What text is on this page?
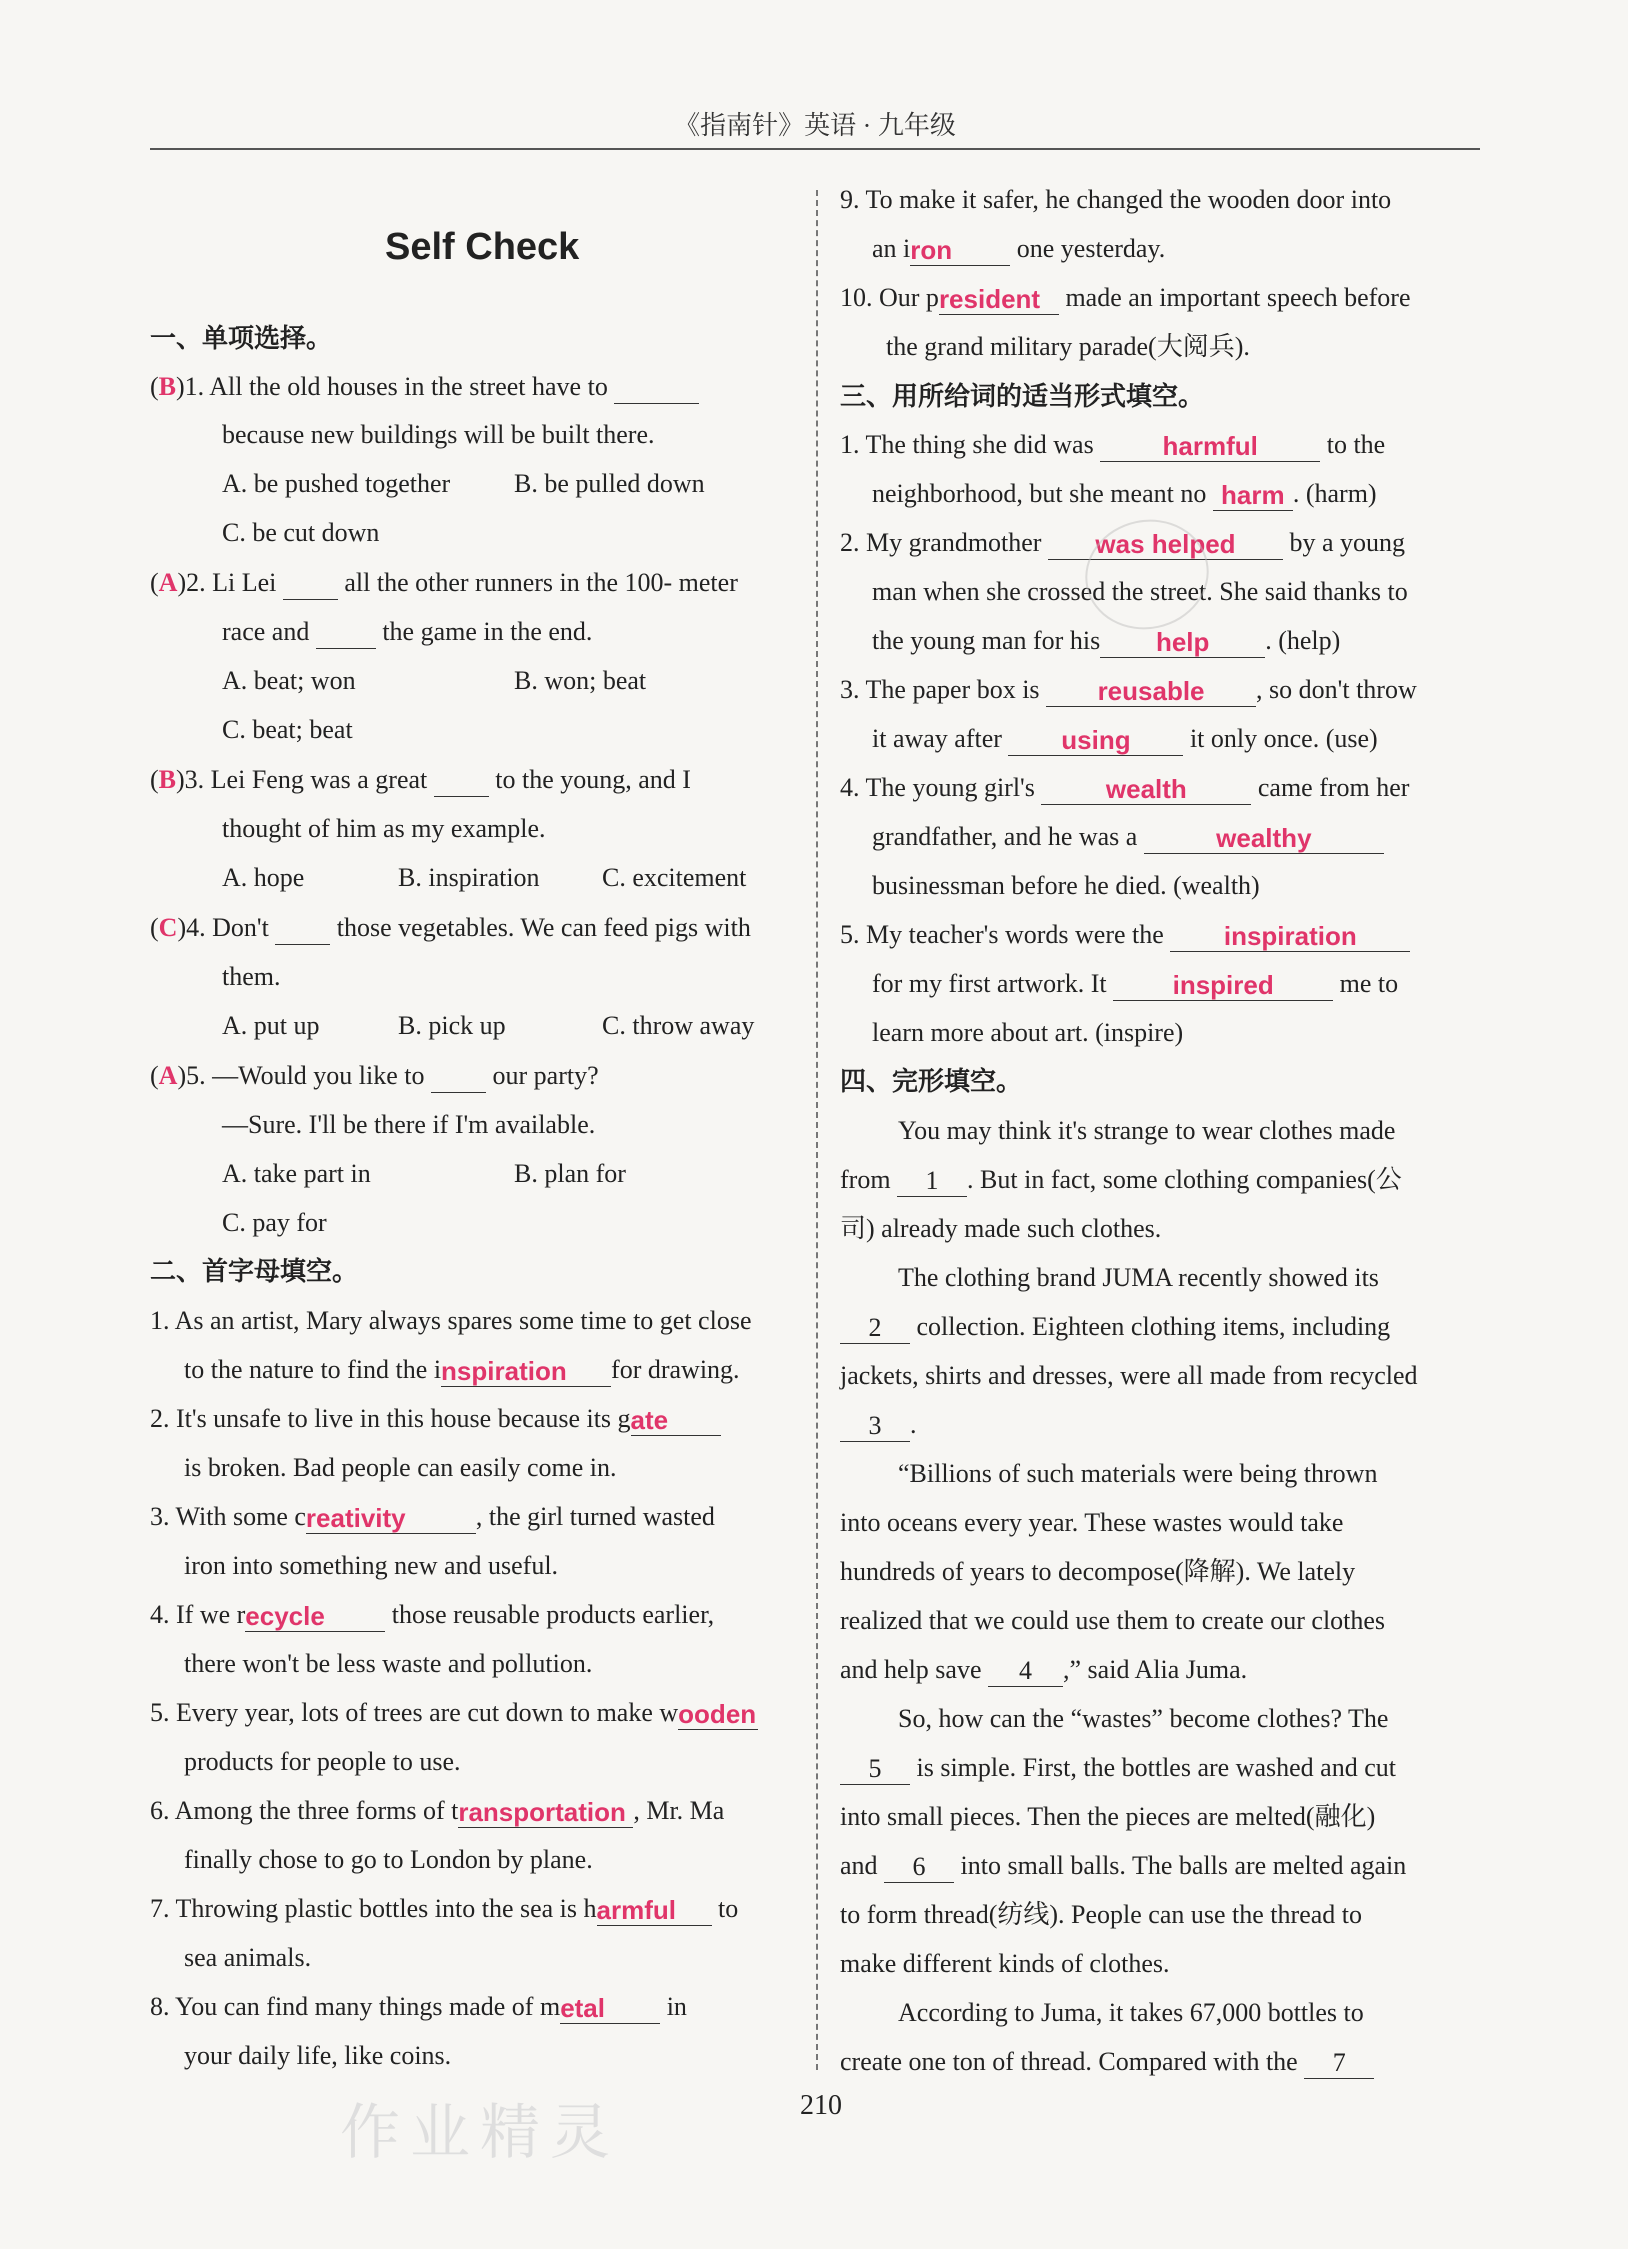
《指南针》英语 · 九年级
Self Check
一、单项选择。
(B)1. All the old houses in the street have to
because new buildings will be built there.
A. be pushed together B. be pulled down
C. be cut down
(A)2. Li Lei	all the other runners in the 100- meter
race and	the game in the end.
A. beat; won	B. won; beat
C. beat; beat
(B)3. Lei Feng was a great	to the young, and I
thought of him as my example.
A. hope	B. inspiration C. excitement
(C)4. Don't	those vegetables. We can feed pigs with
them.
A. put up	B. pick up	C. throw away
(A)5. —Would you like to	our party?
—Sure. I'll be there if I'm available.
A. take part in	B. plan for
C. pay for
二、首字母填空。
1. As an artist, Mary always spares some time to get close
to the nature to find the inspiration for drawing.
2. It's unsafe to live in this house because its gate
is broken. Bad people can easily come in.
3. With some creativity	, the girl turned wasted
iron into something new and useful.
4. If we recycle	those reusable products earlier,
there won't be less waste and pollution.
5. Every year, lots of trees are cut down to make wooden
products for people to use.
6. Among the three forms of transportation , Mr. Ma
finally chose to go to London by plane.
7. Throwing plastic bottles into the sea is harmful to
sea animals.
8. You can find many things made of metal in
your daily life, like coins.
9. To make it safer, he changed the wooden door into
an iron one yesterday.
10. Our president made an important speech before
the grand military parade(大阅兵).
三、用所给词的适当形式填空。
1. The thing she did was	harmful	to the
neighborhood, but she meant no harm . (harm)
2. My grandmother was helped by a young
man when she crossed the street. She said thanks to
the young man for his help . (help)
3. The paper box is reusable , so don't throw
it away after using it only once. (use)
4. The young girl's	wealth	came from her
grandfather, and he was a	wealthy
businessman before he died. (wealth)
5. My teacher's words were the inspiration
for my first artwork. It	inspired	me to
learn more about art. (inspire)
四、完形填空。
You may think it's strange to wear clothes made
from 1 . But in fact, some clothing companies(公
司) already made such clothes.
The clothing brand JUMA recently showed its
2 collection. Eighteen clothing items, including
jackets, shirts and dresses, were all made from recycled
3 .
“Billions of such materials were being thrown
into oceans every year. These wastes would take
hundreds of years to decompose(降解). We lately
realized that we could use them to create our clothes
and help save 4 ,” said Alia Juma.
So, how can the “wastes” become clothes? The
5 is simple. First, the bottles are washed and cut
into small pieces. Then the pieces are melted(融化)
and 6 into small balls. The balls are melted again
to form thread(纺线). People can use the thread to
make different kinds of clothes.
According to Juma, it takes 67,000 bottles to
create one ton of thread. Compared with the 7
210
作业精灵
